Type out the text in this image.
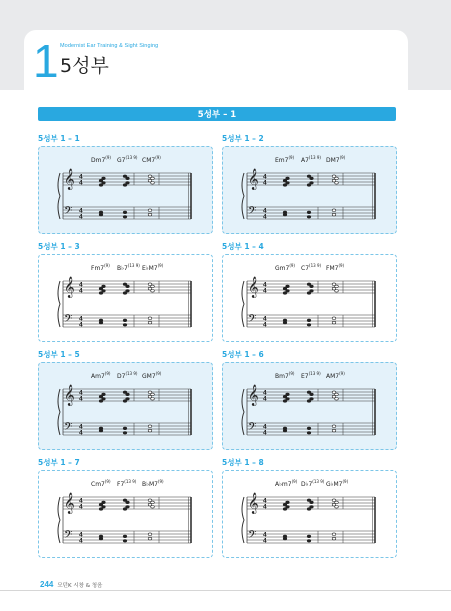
1 Modernist Ear Training & Sight Singing
5성부
5성부 – 1
5성부 1 – 1
Dm7$^{(9)}$ $G7^{(13 9)}$ CM7$^{(9)}$
𝄞
𝄢
4
4
4
4
5성부 1 – 2
Em7$^{(9)}$ $A7^{(13 9)}$ DM7$^{(9)}$
𝄞
𝄢
4
4
4
4
5성부 1 – 3
Fm7$^{(9)}$ $B♭7^{(13 9)}$ E♭M7$^{(9)}$
𝄞
𝄢
4
4
4
4
5성부 1 – 4
Gm7$^{(9)}$ $C7^{(13 9)}$ FM7$^{(9)}$
𝄞
𝄢
4
4
4
4
5성부 1 – 5
Am7$^{(9)}$ $D7^{(13 9)}$ GM7$^{(9)}$
𝄞
𝄢
4
4
4
4
5성부 1 – 6
Bm7$^{(9)}$ $E7^{(13 9)}$ AM7$^{(9)}$
𝄞
𝄢
4
4
4
4
5성부 1 – 7
Cm7$^{(9)}$ $F7^{(13 9)}$ B♭M7$^{(9)}$
𝄞
𝄢
4
4
4
4
5성부 1 – 8
A♭m7$^{(9)}$ $D♭7^{(13 9)}$ G♭M7$^{(9)}$
𝄞
𝄢
4
4
4
4
244 모던K 시창 & 청음
